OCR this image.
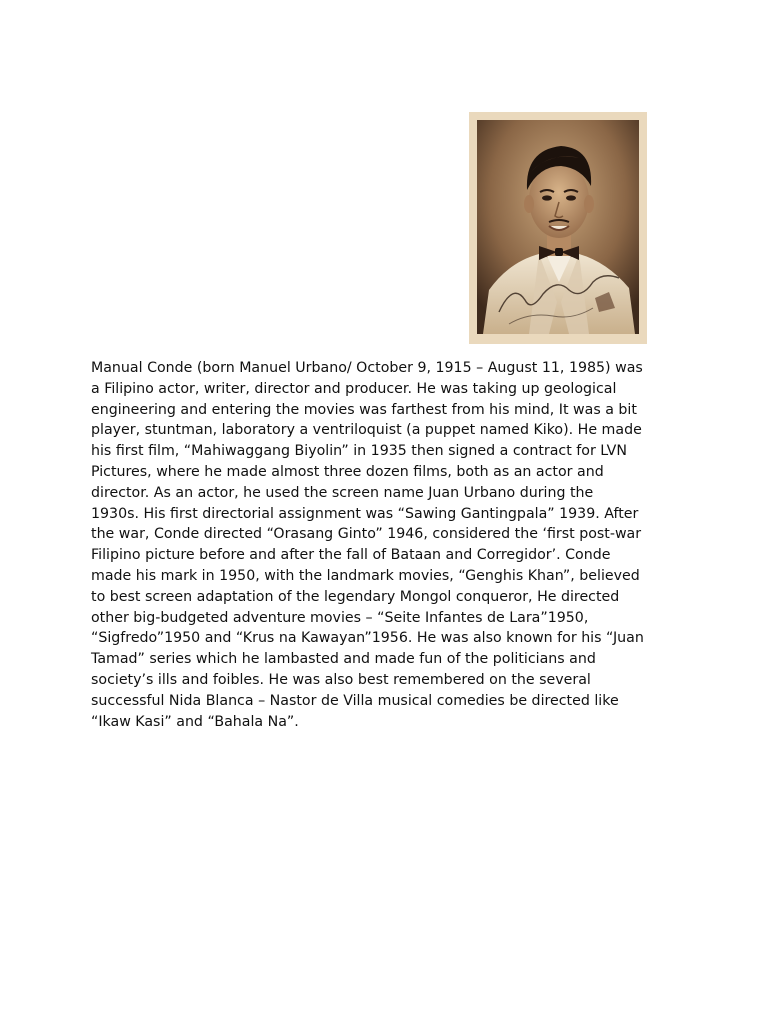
Manual Conde (born Manuel Urbano/ October 9, 1915 – August 11, 1985) was
a Filipino actor, writer, director and producer. He was taking up geological
engineering and entering the movies was farthest from his mind, It was a bit
player, stuntman, laboratory a ventriloquist (a puppet named Kiko). He made
his first film, “Mahiwaggang Biyolin” in 1935 then signed a contract for LVN
Pictures, where he made almost three dozen films, both as an actor and
director. As an actor, he used the screen name Juan Urbano during the
1930s. His first directorial assignment was “Sawing Gantingpala” 1939. After
the war, Conde directed “Orasang Ginto” 1946, considered the ‘first post-war
Filipino picture before and after the fall of Bataan and Corregidor’. Conde
made his mark in 1950, with the landmark movies, “Genghis Khan”, believed
to best screen adaptation of the legendary Mongol conqueror, He directed
other big-budgeted adventure movies – “Seite Infantes de Lara”1950,
“Sigfredo”1950 and “Krus na Kawayan”1956. He was also known for his “Juan
Tamad” series which he lambasted and made fun of the politicians and
society’s ills and foibles. He was also best remembered on the several
successful Nida Blanca – Nastor de Villa musical comedies be directed like
“Ikaw Kasi” and “Bahala Na”.
